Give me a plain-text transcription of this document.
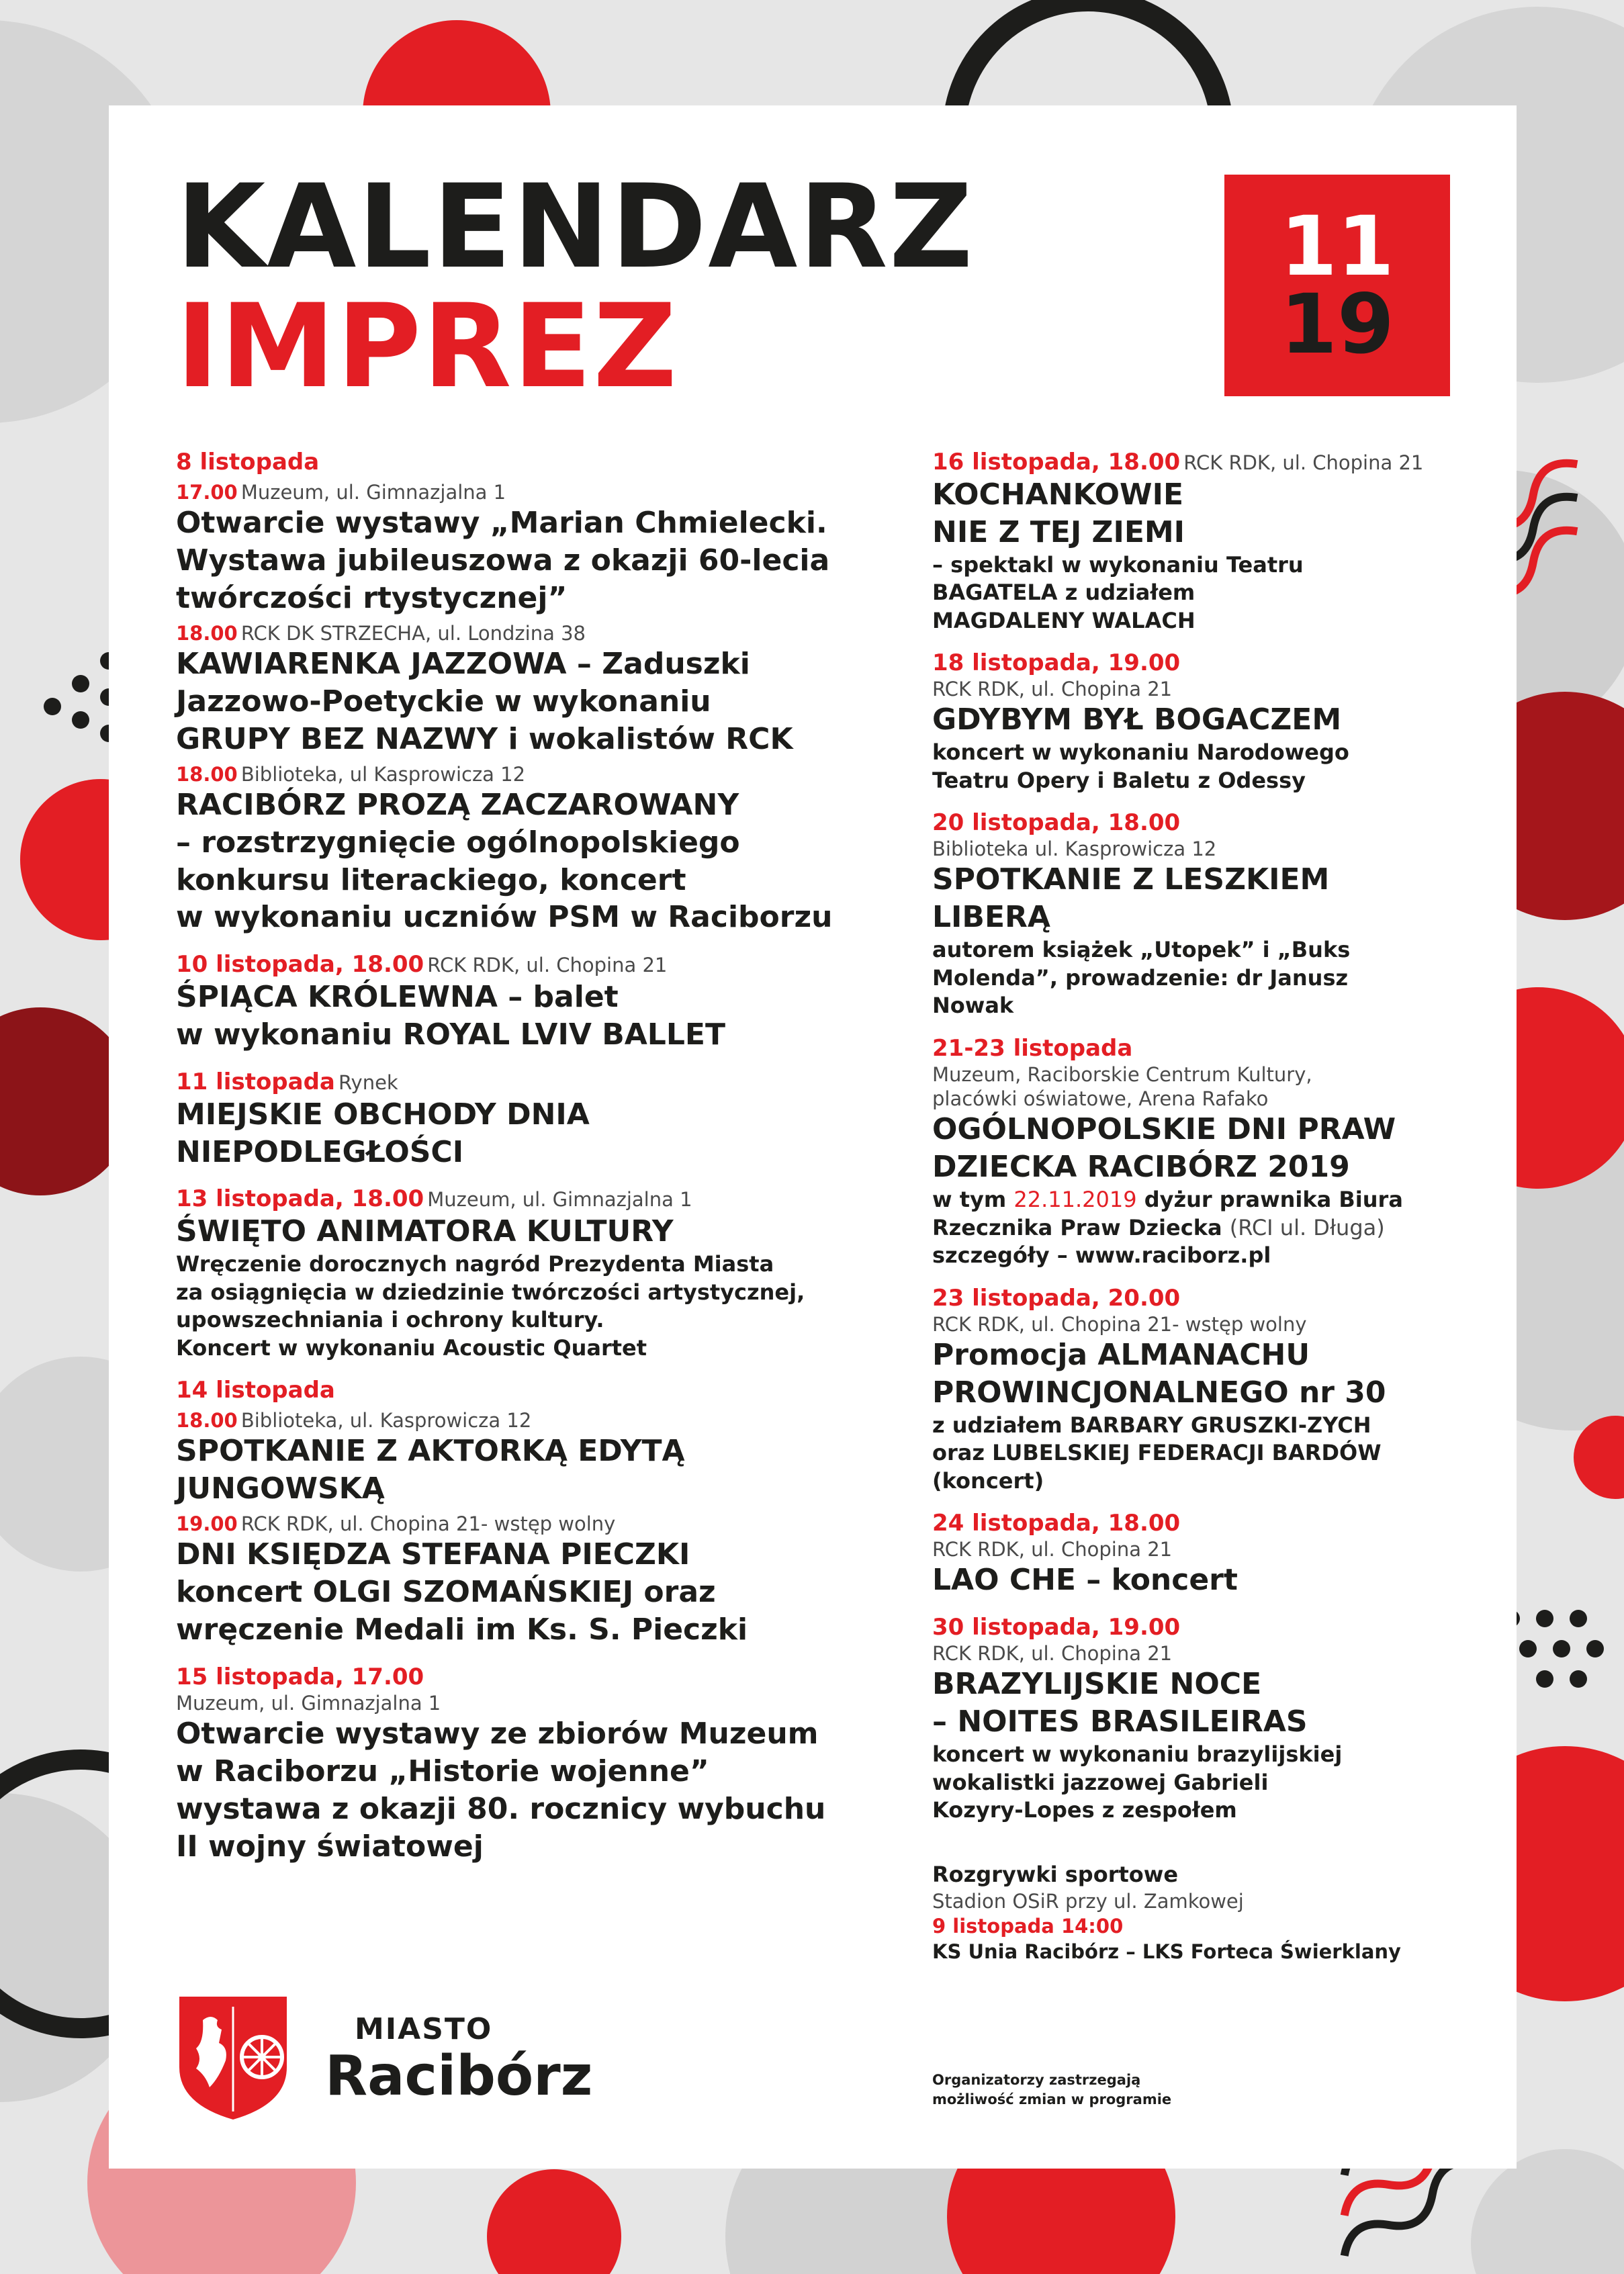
KALENDARZ
IMPREZ
11
19
8 listopada
17.00 Muzeum, ul. Gimnazjalna 1
Otwarcie wystawy „Marian Chmielecki.
Wystawa jubileuszowa z okazji 60-lecia
twórczości rtystycznej”
18.00 RCK DK STRZECHA, ul. Londzina 38
KAWIARENKA JAZZOWA – Zaduszki
Jazzowo-Poetyckie w wykonaniu
GRUPY BEZ NAZWY i wokalistów RCK
18.00 Biblioteka, ul Kasprowicza 12
RACIBÓRZ PROZĄ ZACZAROWANY
– rozstrzygnięcie ogólnopolskiego
konkursu literackiego, koncert
w wykonaniu uczniów PSM w Raciborzu
10 listopada, 18.00 RCK RDK, ul. Chopina 21
ŚPIĄCA KRÓLEWNA – balet
w wykonaniu ROYAL LVIV BALLET
11 listopada Rynek
MIEJSKIE OBCHODY DNIA
NIEPODLEGŁOŚCI
13 listopada, 18.00 Muzeum, ul. Gimnazjalna 1
ŚWIĘTO ANIMATORA KULTURY
Wręczenie dorocznych nagród Prezydenta Miasta
za osiągnięcia w dziedzinie twórczości artystycznej,
upowszechniania i ochrony kultury.
Koncert w wykonaniu Acoustic Quartet
14 listopada
18.00 Biblioteka, ul. Kasprowicza 12
SPOTKANIE Z AKTORKĄ EDYTĄ
JUNGOWSKĄ
19.00 RCK RDK, ul. Chopina 21- wstęp wolny
DNI KSIĘDZA STEFANA PIECZKI
koncert OLGI SZOMAŃSKIEJ oraz
wręczenie Medali im Ks. S. Pieczki
15 listopada, 17.00
Muzeum, ul. Gimnazjalna 1
Otwarcie wystawy ze zbiorów Muzeum
w Raciborzu „Historie wojenne”
wystawa z okazji 80. rocznicy wybuchu
II wojny światowej
16 listopada, 18.00 RCK RDK, ul. Chopina 21
KOCHANKOWIE
NIE Z TEJ ZIEMI
– spektakl w wykonaniu Teatru
BAGATELA z udziałem
MAGDALENY WALACH
18 listopada, 19.00
RCK RDK, ul. Chopina 21
GDYBYM BYŁ BOGACZEM
koncert w wykonaniu Narodowego
Teatru Opery i Baletu z Odessy
20 listopada, 18.00
Biblioteka ul. Kasprowicza 12
SPOTKANIE Z LESZKIEM
LIBERĄ
autorem książek „Utopek” i „Buks
Molenda”, prowadzenie: dr Janusz
Nowak
21-23 listopada
Muzeum, Raciborskie Centrum Kultury,
placówki oświatowe, Arena Rafako
OGÓLNOPOLSKIE DNI PRAW
DZIECKA RACIBÓRZ 2019
w tym 22.11.2019 dyżur prawnika Biura
Rzecznika Praw Dziecka (RCI ul. Długa)
szczegóły – www.raciborz.pl
23 listopada, 20.00
RCK RDK, ul. Chopina 21- wstęp wolny
Promocja ALMANACHU
PROWINCJONALNEGO nr 30
z udziałem BARBARY GRUSZKI-ZYCH
oraz LUBELSKIEJ FEDERACJI BARDÓW
(koncert)
24 listopada, 18.00
RCK RDK, ul. Chopina 21
LAO CHE – koncert
30 listopada, 19.00
RCK RDK, ul. Chopina 21
BRAZYLIJSKIE NOCE
– NOITES BRASILEIRAS
koncert w wykonaniu brazylijskiej
wokalistki jazzowej Gabrieli
Kozyry-Lopes z zespołem
Rozgrywki sportowe
Stadion OSiR przy ul. Zamkowej
9 listopada 14:00
KS Unia Racibórz – LKS Forteca Świerklany
Organizatorzy zastrzegają
możliwość zmian w programie
MIASTO
Racibórz
